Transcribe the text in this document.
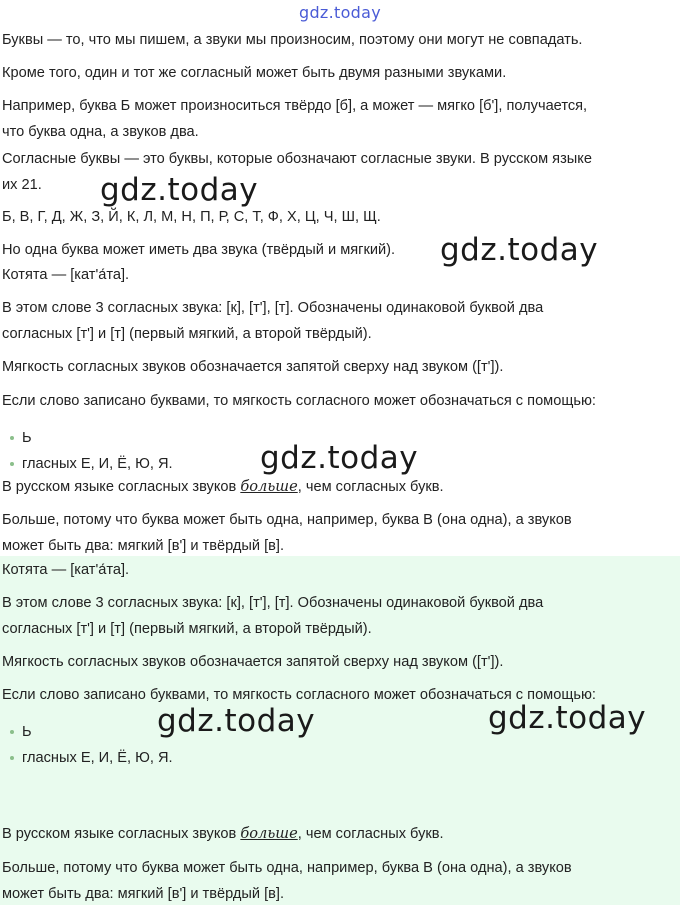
gdz.today
Буквы — то, что мы пишем, а звуки мы произносим, поэтому они могут не совпадать.
Кроме того, один и тот же согласный может быть двумя разными звуками.
Например, буква Б может произноситься твёрдо [б], а может — мягко [б'], получается,
что буква одна, а звуков два.
Согласные буквы — это буквы, которые обозначают согласные звуки. В русском языке
их 21.
Б, В, Г, Д, Ж, З, Й, К, Л, М, Н, П, Р, С, Т, Ф, Х, Ц, Ч, Ш, Щ.
Но одна буква может иметь два звука (твёрдый и мягкий).
Котята — [кат'а́та].
В этом слове 3 согласных звука: [к], [т'], [т]. Обозначены одинаковой буквой два
согласных [т'] и [т] (первый мягкий, а второй твёрдый).
Мягкость согласных звуков обозначается запятой сверху над звуком ([т']).
Если слово записано буквами, то мягкость согласного может обозначаться с помощью:
Ь
гласных Е, И, Ё, Ю, Я.
В русском языке согласных звуков больше, чем согласных букв.
Больше, потому что буква может быть одна, например, буква В (она одна), а звуков
может быть два: мягкий [в'] и твёрдый [в].
Котята — [кат'а́та].
В этом слове 3 согласных звука: [к], [т'], [т]. Обозначены одинаковой буквой два
согласных [т'] и [т] (первый мягкий, а второй твёрдый).
Мягкость согласных звуков обозначается запятой сверху над звуком ([т']).
Если слово записано буквами, то мягкость согласного может обозначаться с помощью:
Ь
гласных Е, И, Ё, Ю, Я.
В русском языке согласных звуков больше, чем согласных букв.
Больше, потому что буква может быть одна, например, буква В (она одна), а звуков
может быть два: мягкий [в'] и твёрдый [в].
gdz.today
gdz.today
gdz.today
gdz.today	gdz.today
